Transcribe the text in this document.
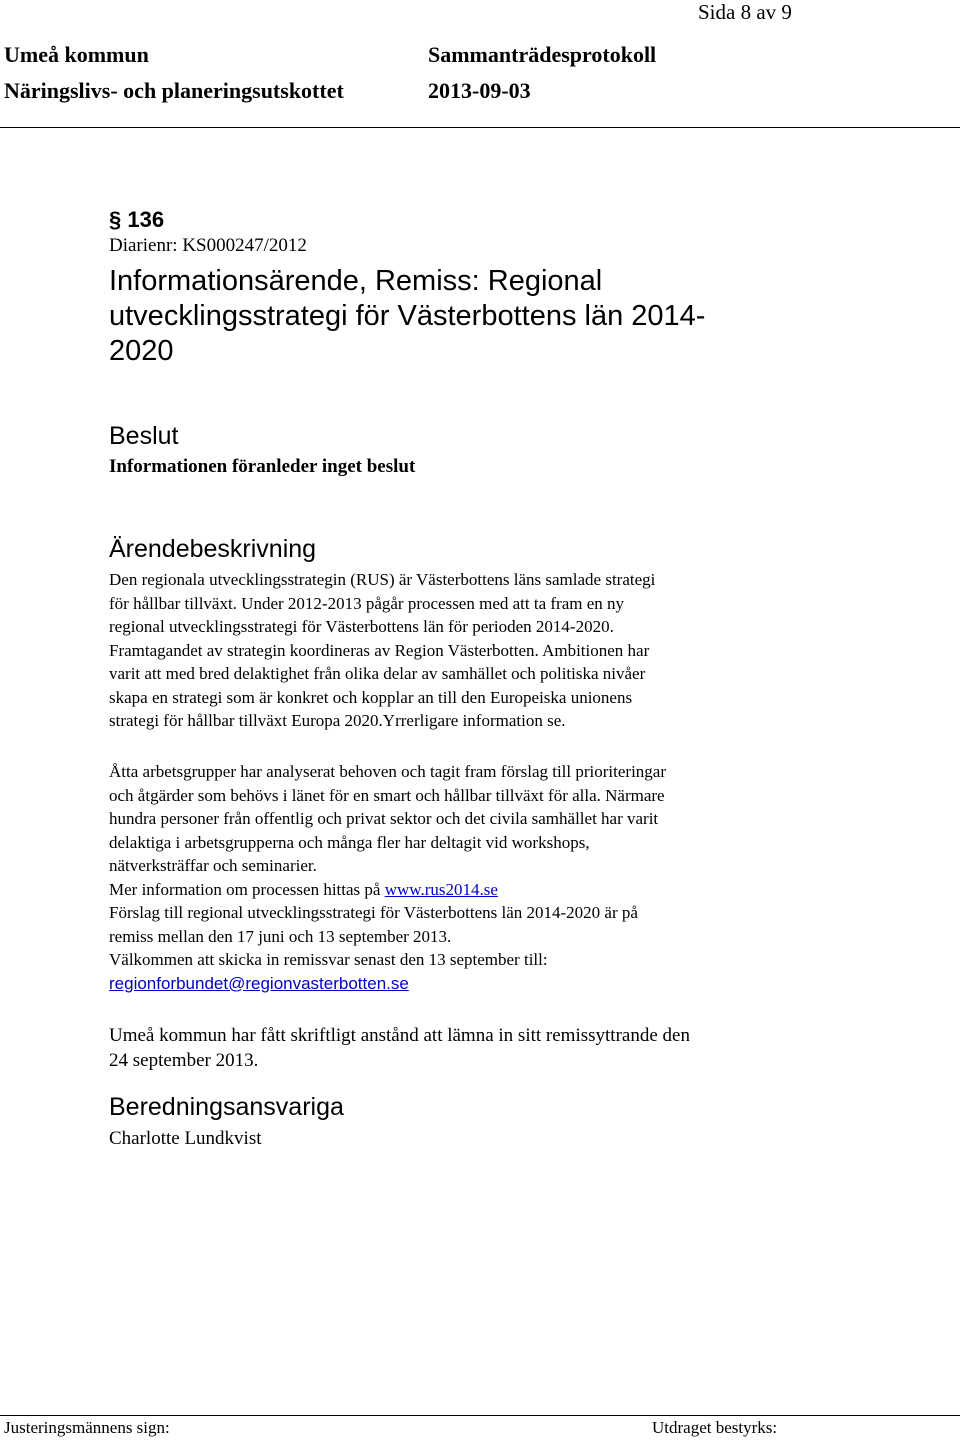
Sida 8 av 9
Umeå kommun	Sammanträdesprotokoll
Näringslivs- och planeringsutskottet	2013-09-03
§ 136
Diarienr: KS000247/2012
Informationsärende, Remiss: Regional
utvecklingsstrategi för Västerbottens län 2014-
2020
Beslut
Informationen föranleder inget beslut
Ärendebeskrivning
Den regionala utvecklingsstrategin (RUS) är Västerbottens läns samlade strategi
för hållbar tillväxt. Under 2012-2013 pågår processen med att ta fram en ny
regional utvecklingsstrategi för Västerbottens län för perioden 2014-2020.
Framtagandet av strategin koordineras av Region Västerbotten. Ambitionen har
varit att med bred delaktighet från olika delar av samhället och politiska nivåer
skapa en strategi som är konkret och kopplar an till den Europeiska unionens
strategi för hållbar tillväxt Europa 2020.Yrrerligare information se.
Åtta arbetsgrupper har analyserat behoven och tagit fram förslag till prioriteringar
och åtgärder som behövs i länet för en smart och hållbar tillväxt för alla. Närmare
hundra personer från offentlig och privat sektor och det civila samhället har varit
delaktiga i arbetsgrupperna och många fler har deltagit vid workshops,
nätverksträffar och seminarier.
Mer information om processen hittas på www.rus2014.se
Förslag till regional utvecklingsstrategi för Västerbottens län 2014-2020 är på
remiss mellan den 17 juni och 13 september 2013.
Välkommen att skicka in remissvar senast den 13 september till:
regionforbundet@regionvasterbotten.se
Umeå kommun har fått skriftligt anstånd att lämna in sitt remissyttrande den
24 september 2013.
Beredningsansvariga
Charlotte Lundkvist
Justeringsmännens sign:	Utdraget bestyrks:
